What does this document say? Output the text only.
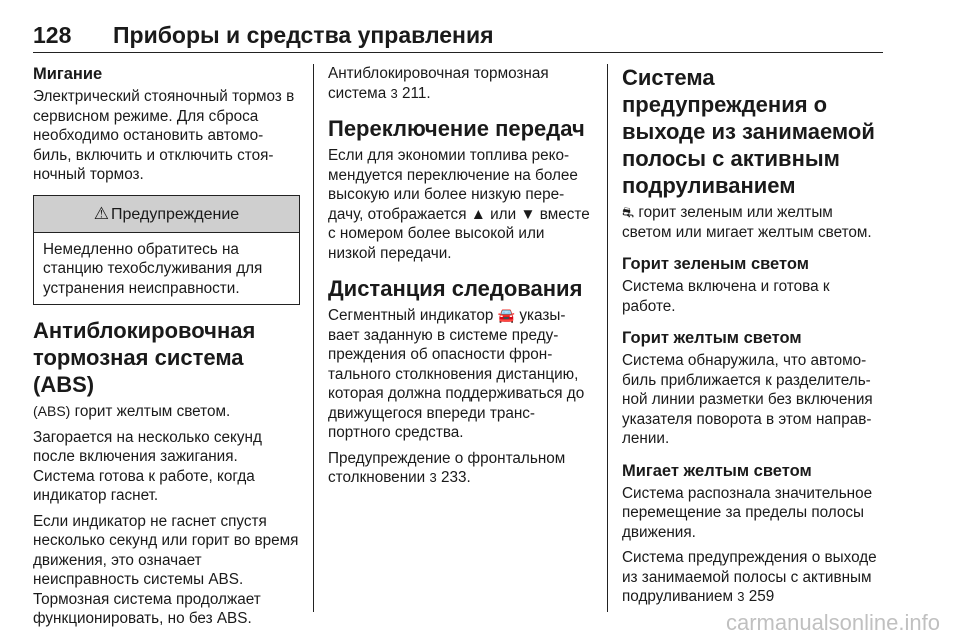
128 Приборы и средства управления
Мигание

Электрический стояночный тормоз в сервисном режиме. Для сброса необходимо остановить автомо-биль, включить и отключить стоя-ночный тормоз.

⚠ Предупреждение

Немедленно обратитесь на станцию техобслуживания для устранения неисправности.

Антиблокировочная тормозная система (ABS)

(ABS) горит желтым светом.

Загорается на несколько секунд после включения зажигания. Система готова к работе, когда индикатор гаснет.

Если индикатор не гаснет спустя несколько секунд или горит во время движения, это означает неисправность системы ABS. Тормозная система продолжает функционировать, но без ABS.

Антиблокировочная тормозная система 3 211.

Переключение передач

Если для экономии топлива реко-мендуется переключение на более высокую или более низкую пере-дачу, отображается ▲ или ▼ вместе с номером более высокой или низкой передачи.

Дистанция следования

Сегментный индикатор 🚘 указы-вает заданную в системе преду-преждения об опасности фрон-тального столкновения дистанцию, которая должна поддерживаться до движущегося впереди транс-портного средства.

Предупреждение о фронтальном столкновении 3 233.

Система предупреждения о выходе из занимаемой полосы с активным подруливанием

⛐ горит зеленым или желтым светом или мигает желтым светом.

Горит зеленым светом

Система включена и готова к работе.

Горит желтым светом

Система обнаружила, что автомо-биль приближается к разделитель-ной линии разметки без включения указателя поворота в этом направ-лении.

Мигает желтым светом

Система распознала значительное перемещение за пределы полосы движения.

Система предупреждения о выходе из занимаемой полосы с активным подруливанием 3 259

carmanualsonline.info
